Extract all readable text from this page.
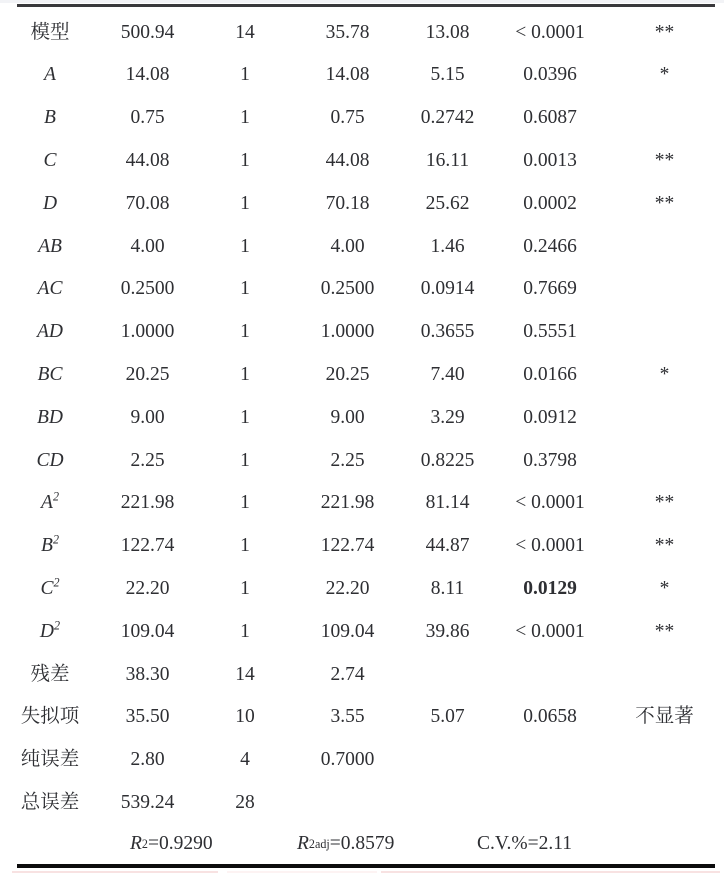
模型	500.94	14	35.78	13.08	< 0.0001	**
A	14.08	1	14.08	5.15	0.0396	*
B	0.75	1	0.75	0.2742	0.6087
C	44.08	1	44.08	16.11	0.0013	**
D	70.08	1	70.18	25.62	0.0002	**
AB	4.00	1	4.00	1.46	0.2466
AC	0.2500	1	0.2500	0.0914	0.7669
AD	1.0000	1	1.0000	0.3655	0.5551
BC	20.25	1	20.25	7.40	0.0166	*
BD	9.00	1	9.00	3.29	0.0912
CD	2.25	1	2.25	0.8225	0.3798
$A^2$	221.98	1	221.98	81.14	< 0.0001	**
$B^2$	122.74	1	122.74	44.87	< 0.0001	**
$C^2$	22.20	1	22.20	8.11	0.0129	*
$D^2$	109.04	1	109.04	39.86	< 0.0001	**
残差	38.30	14	2.74
失拟项	35.50	10	3.55	5.07	0.0658	不显著
纯误差	2.80	4	0.7000
总误差	539.24	28
R 2 =0.9290	R 2 adj =0.8579	C.V.%=2.11
